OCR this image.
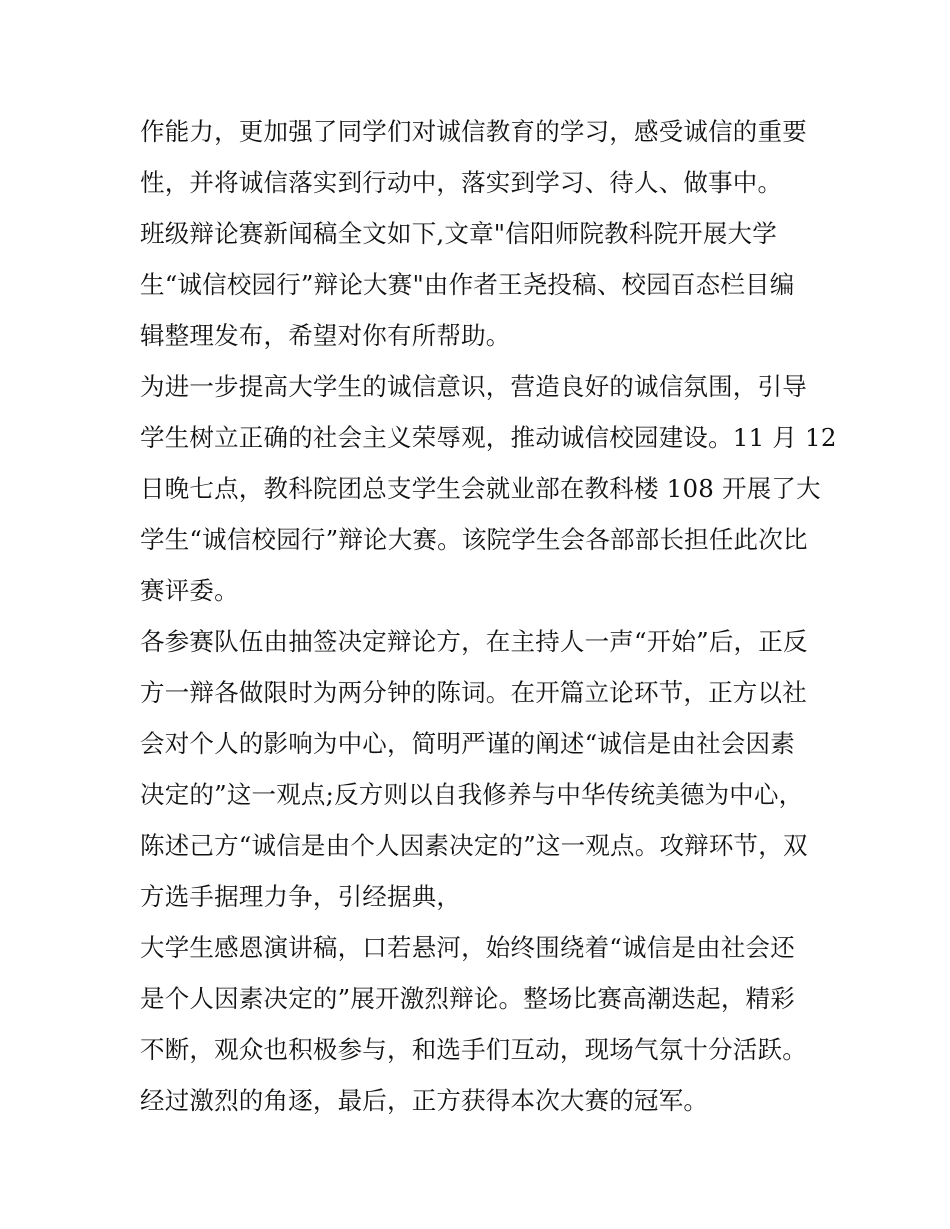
作能力，更加强了同学们对诚信教育的学习，感受诚信的重要
性，并将诚信落实到行动中，落实到学习、待人、做事中。
班级辩论赛新闻稿全文如下,文章"信阳师院教科院开展大学
生“诚信校园行”辩论大赛"由作者王尧投稿、校园百态栏目编
辑整理发布，希望对你有所帮助。
为进一步提高大学生的诚信意识，营造良好的诚信氛围，引导
学生树立正确的社会主义荣辱观，推动诚信校园建设。11 月 12
日晚七点，教科院团总支学生会就业部在教科楼 108 开展了大
学生“诚信校园行”辩论大赛。该院学生会各部部长担任此次比
赛评委。
各参赛队伍由抽签决定辩论方，在主持人一声“开始”后，正反
方一辩各做限时为两分钟的陈词。在开篇立论环节，正方以社
会对个人的影响为中心，简明严谨的阐述“诚信是由社会因素
决定的”这一观点;反方则以自我修养与中华传统美德为中心，
陈述己方“诚信是由个人因素决定的”这一观点。攻辩环节，双
方选手据理力争，引经据典，
大学生感恩演讲稿，口若悬河，始终围绕着“诚信是由社会还
是个人因素决定的”展开激烈辩论。整场比赛高潮迭起，精彩
不断，观众也积极参与，和选手们互动，现场气氛十分活跃。
经过激烈的角逐，最后，正方获得本次大赛的冠军。
